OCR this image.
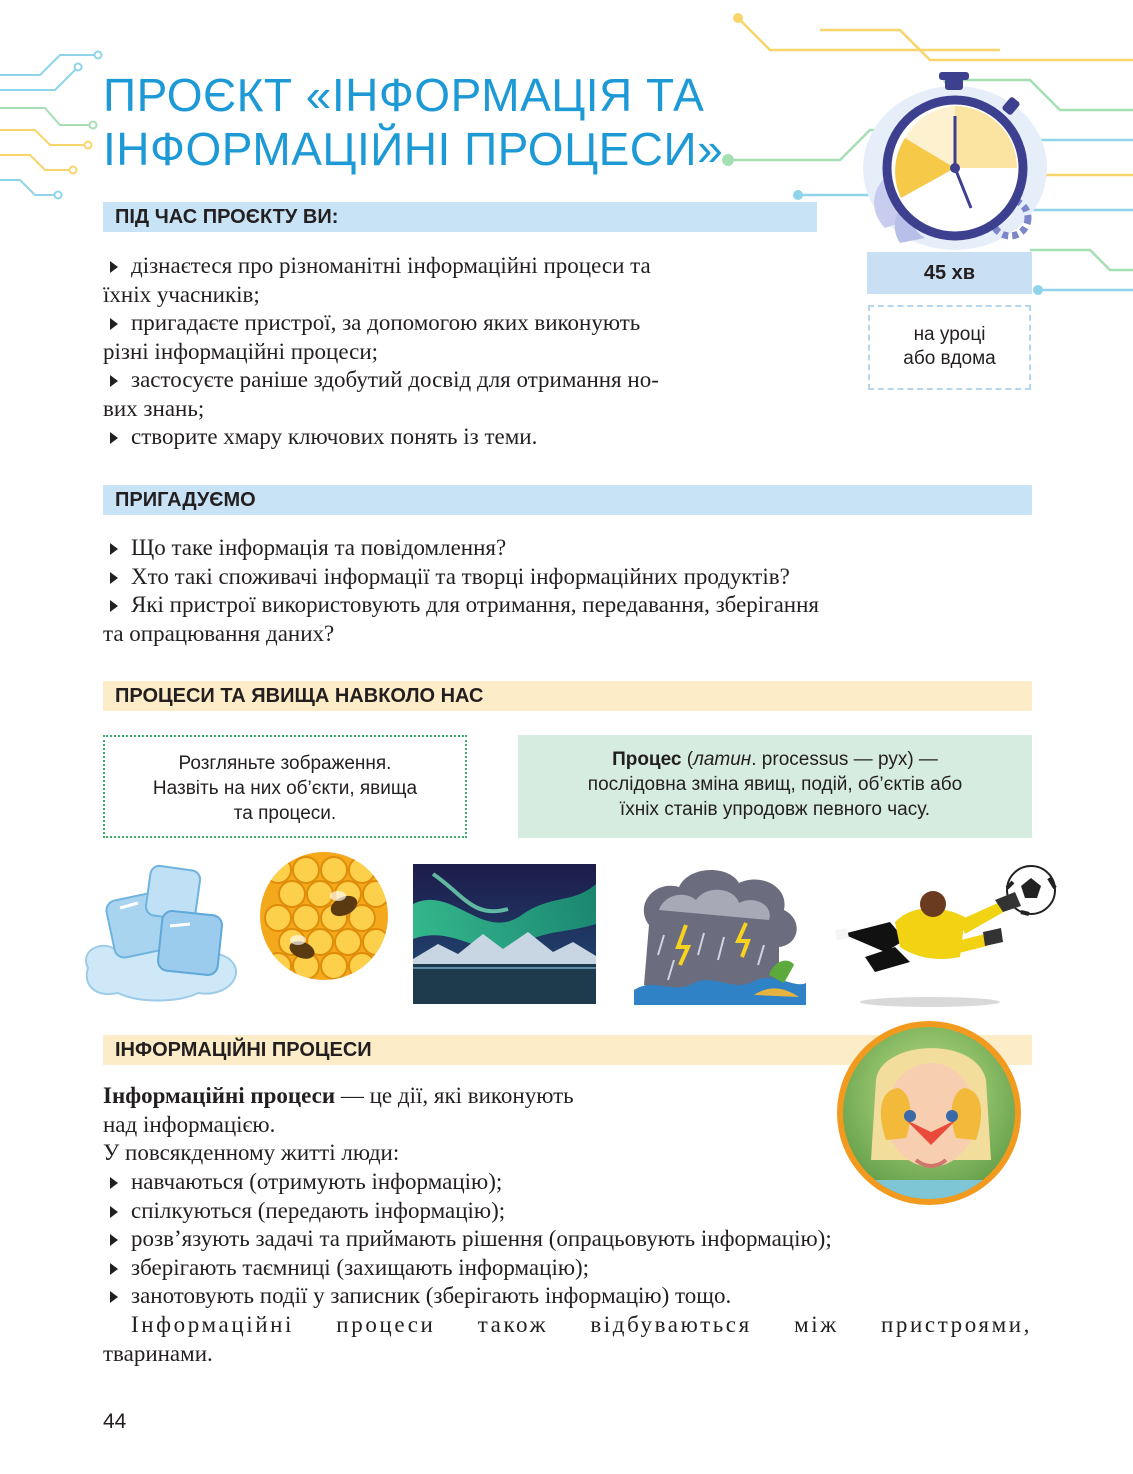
ПРОЄКТ «ІНФОРМАЦІЯ ТА
ІНФОРМАЦІЙНІ ПРОЦЕСИ»
45 хв
на уроці
або вдома
ПІД ЧАС ПРОЄКТУ ВИ:
дізнаєтеся про різноманітні інформаційні процеси та
їхніх учасників;
пригадаєте пристрої, за допомогою яких виконують
різні інформаційні процеси;
застосуєте раніше здобутий досвід для отримання но-
вих знань;
створите хмару ключових понять із теми.
ПРИГАДУЄМО
Що таке інформація та повідомлення?
Хто такі споживачі інформації та творці інформаційних продуктів?
Які пристрої використовують для отримання, передавання, зберігання
та опрацювання даних?
ПРОЦЕСИ ТА ЯВИЩА НАВКОЛО НАС
Розгляньте зображення.
Назвіть на них об’єкти, явища
та процеси.
Процес (латин. processus — рух) —
послідовна зміна явищ, подій, об’єктів або
їхніх станів упродовж певного часу.
ІНФОРМАЦІЙНІ ПРОЦЕСИ
Інформаційні процеси — це дії, які виконують
над інформацією.
У повсякденному житті люди:
навчаються (отримують інформацію);
спілкуються (передають інформацію);
розв’язують задачі та приймають рішення (опрацьовують інформацію);
зберігають таємниці (захищають інформацію);
занотовують події у записник (зберігають інформацію) тощо.
Інформаційні процеси також відбуваються між пристроями,
тваринами.
44
